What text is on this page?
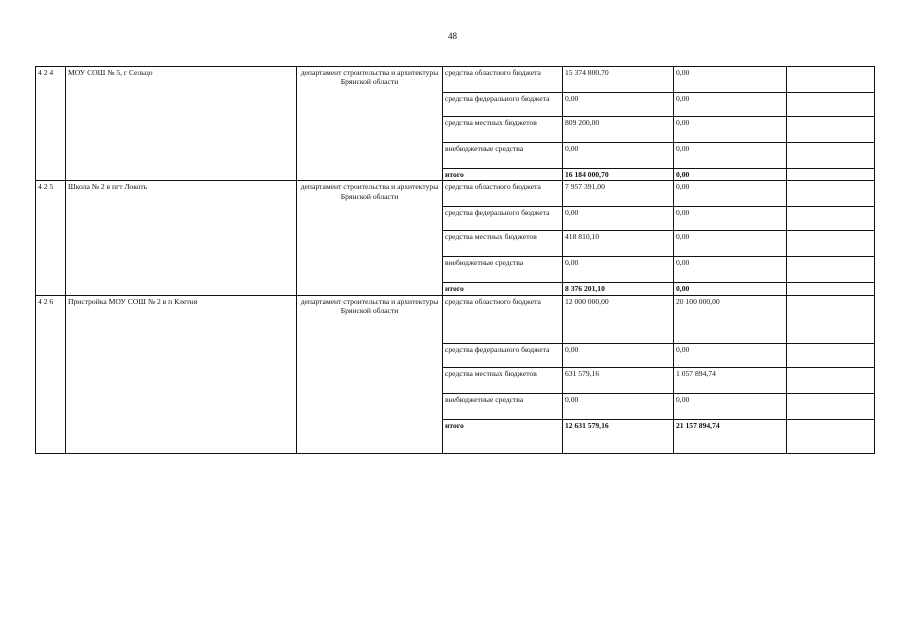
48
4 2 4	МОУ СОШ № 5, г Сельцо	департамент строительства и архитектуры Брянской области	средства областного бюджета	15 374 800,70	0,00	
			средства федерального бюджета	0,00	0,00	
			средства местных бюджетов	809 200,00	0,00	
			внебюджетные средства	0,00	0,00	
			итого	16 184 000,70	0,00	
4 2 5	Школа № 2 в пгт Локоть	департамент строительства и архитектуры Брянской области	средства областного бюджета	7 957 391,00	0,00	
			средства федерального бюджета	0,00	0,00	
			средства местных бюджетов	418 810,10	0,00	
			внебюджетные средства	0,00	0,00	
			итого	8 376 201,10	0,00	
4 2 6	Пристройка МОУ СОШ № 2 в п Клетня	департамент строительства и архитектуры Брянской области	средства областного бюджета	12 000 000,00	20 100 000,00	
			средства федерального бюджета	0,00	0,00	
			средства местных бюджетов	631 579,16	1 057 894,74	
			внебюджетные средства	0,00	0,00	
			итого	12 631 579,16	21 157 894,74	
